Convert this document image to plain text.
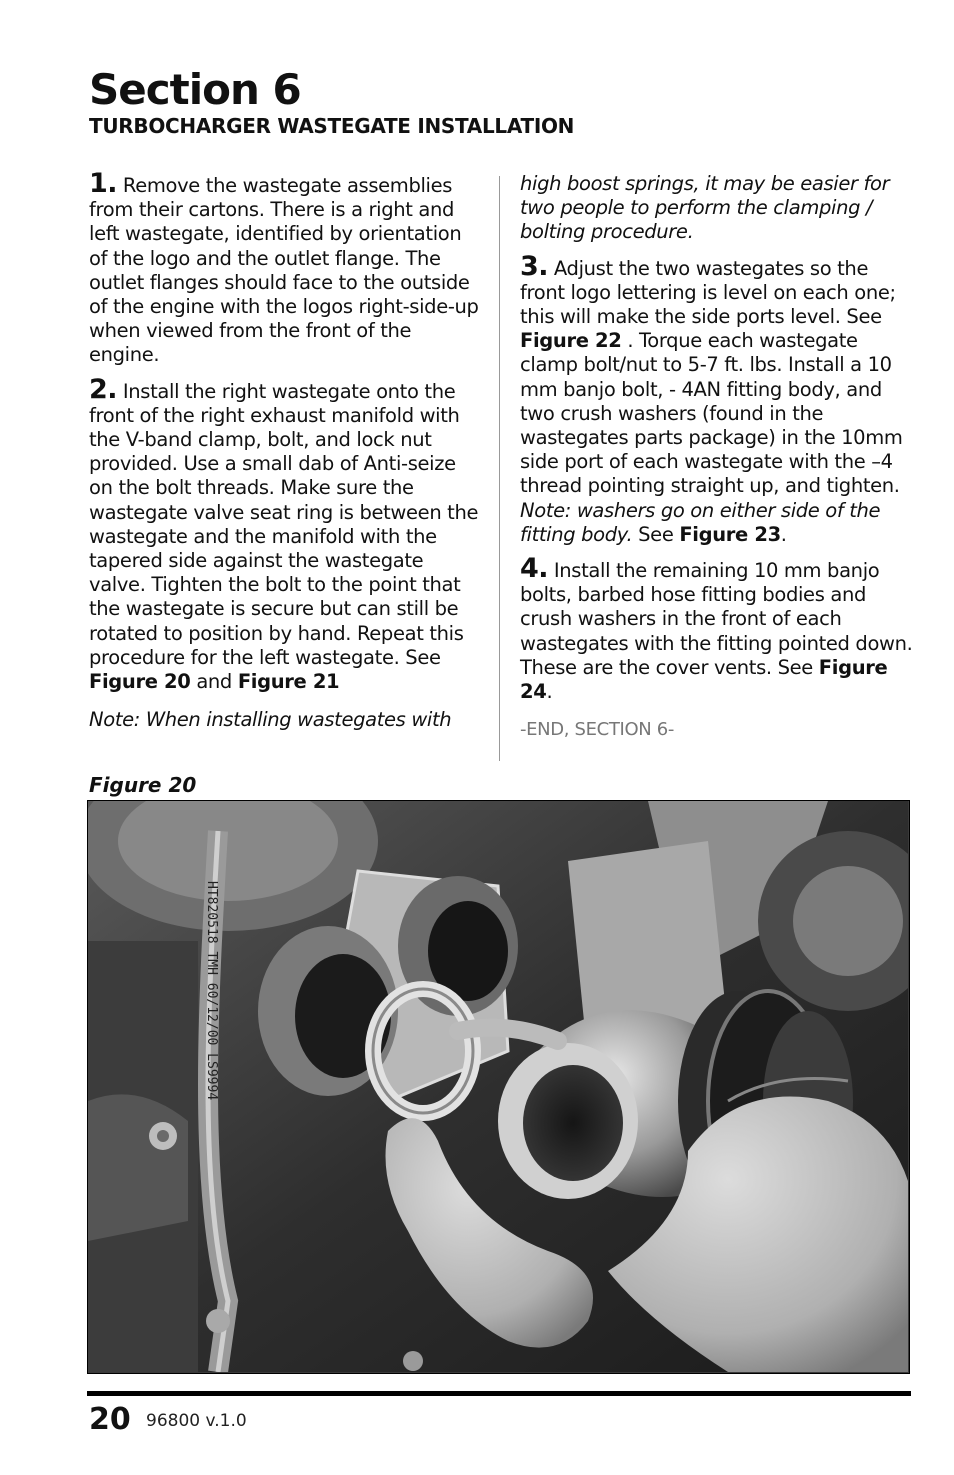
Section 6
TURBOCHARGER WASTEGATE INSTALLATION

1. Remove the wastegate assemblies from their cartons. There is a right and left wastegate, identified by orientation of the logo and the outlet flange. The outlet flanges should face to the outside of the engine with the logos right-side-up when viewed from the front of the engine.

2. Install the right wastegate onto the front of the right exhaust manifold with the V-band clamp, bolt, and lock nut provided. Use a small dab of Anti-seize on the bolt threads. Make sure the wastegate valve seat ring is between the wastegate and the manifold with the tapered side against the wastegate valve. Tighten the bolt to the point that the wastegate is secure but can still be rotated to position by hand. Repeat this procedure for the left wastegate. See Figure 20 and Figure 21

Note: When installing wastegates with

high boost springs, it may be easier for two people to perform the clamping / bolting procedure.

3. Adjust the two wastegates so the front logo lettering is level on each one; this will make the side ports level. See Figure 22 . Torque each wastegate clamp bolt/nut to 5-7 ft. lbs. Install a 10 mm banjo bolt, - 4AN fitting body, and two crush washers (found in the wastegates parts package) in the 10mm side port of each wastegate with the –4 thread pointing straight up, and tighten. Note: washers go on either side of the fitting body. See Figure 23.

4. Install the remaining 10 mm banjo bolts, barbed hose fitting bodies and crush washers in the front of each wastegates with the fitting pointed down. These are the cover vents. See Figure 24.

-END, SECTION 6-

Figure 20
HT820518 TMH 60/12/00 LS9994
20 96800 v.1.0
